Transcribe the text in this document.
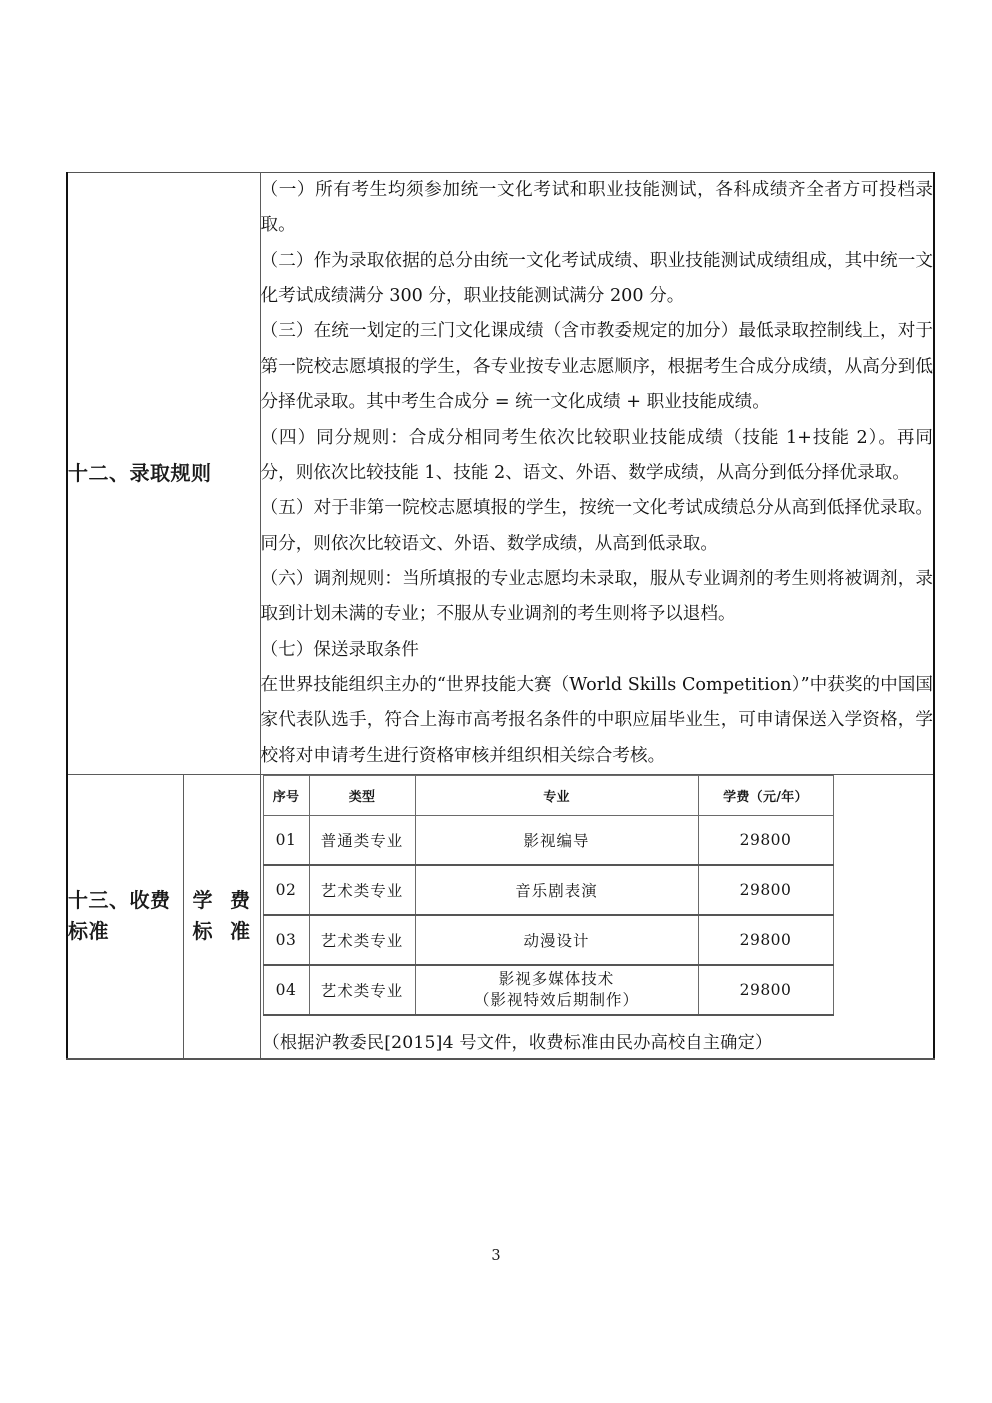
十二、录取规则	

（一）所有考生均须参加统一文化考试和职业技能测试，各科成绩齐全者方可投档录取。

（二）作为录取依据的总分由统一文化考试成绩、职业技能测试成绩组成，其中统一文化考试成绩满分 300 分，职业技能测试满分 200 分。

（三）在统一划定的三门文化课成绩（含市教委规定的加分）最低录取控制线上，对于第一院校志愿填报的学生，各专业按专业志愿顺序，根据考生合成分成绩，从高分到低分择优录取。其中考生合成分 = 统一文化成绩 + 职业技能成绩。

（四）同分规则：合成分相同考生依次比较职业技能成绩（技能 1+技能 2）。再同分，则依次比较技能 1、技能 2、语文、外语、数学成绩，从高分到低分择优录取。

（五）对于非第一院校志愿填报的学生，按统一文化考试成绩总分从高到低择优录取。同分，则依次比较语文、外语、数学成绩，从高到低录取。

（六）调剂规则：当所填报的专业志愿均未录取，服从专业调剂的考生则将被调剂，录取到计划未满的专业；不服从专业调剂的考生则将予以退档。

（七）保送录取条件

在世界技能组织主办的“世界技能大赛（World Skills Competition）”中获奖的中国国家代表队选手，符合上海市高考报名条件的中职应届毕业生，可申请保送入学资格，学校将对申请考生进行资格审核并组织相关综合考核。

十三、收费
标准	
学费
标准

序号	类型	专业	学费（元/年）
01	普通类专业	影视编导	29800
02	艺术类专业	音乐剧表演	29800
03	艺术类专业	动漫设计	29800
04	艺术类专业	影视多媒体技术
（影视特效后期制作）	29800
（根据沪教委民[2015]4 号文件，收费标准由民办高校自主确定）
3
